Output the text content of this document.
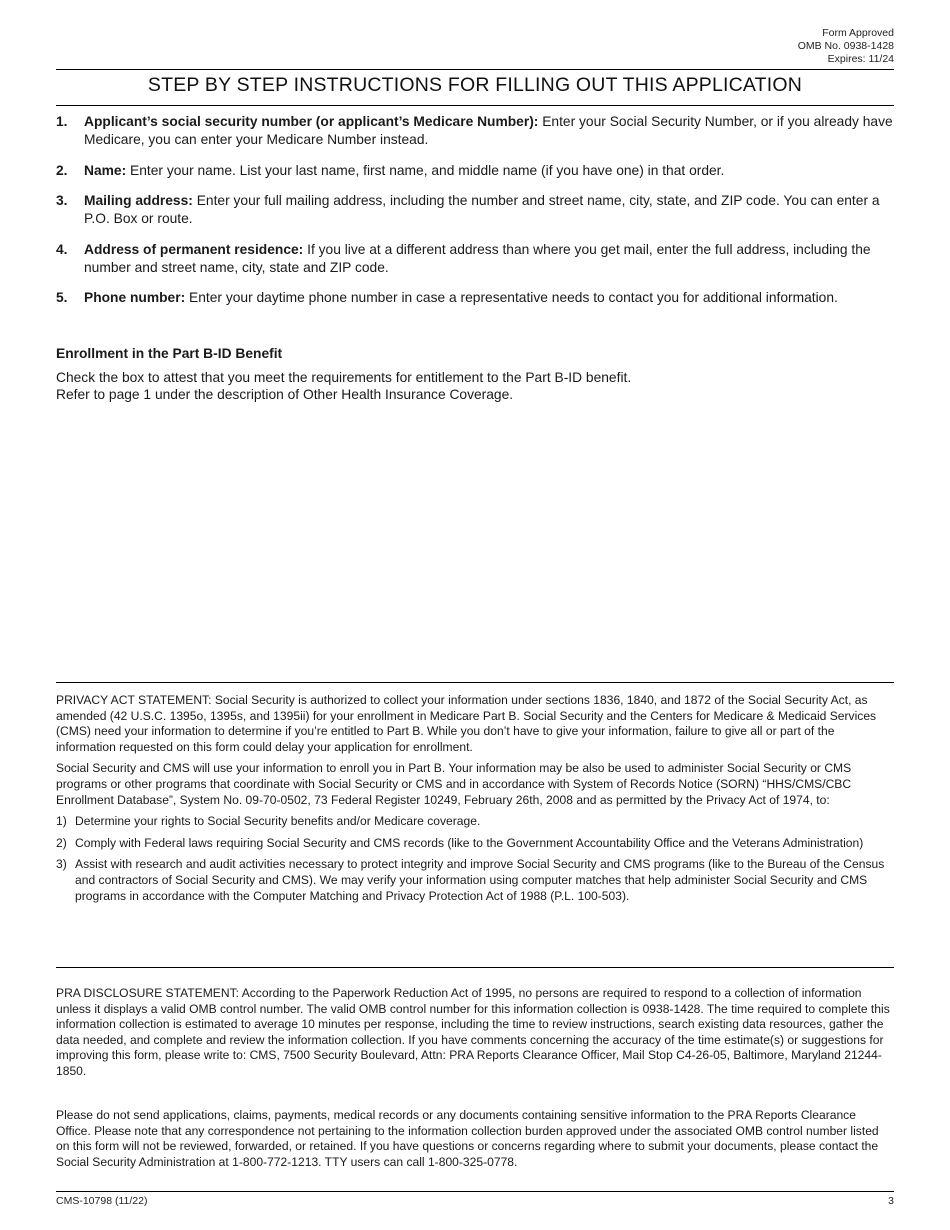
Form Approved
OMB No. 0938-1428
Expires: 11/24
STEP BY STEP INSTRUCTIONS FOR FILLING OUT THIS APPLICATION
1.	Applicant’s social security number (or applicant’s Medicare Number): Enter your Social Security Number, or if you already have Medicare, you can enter your Medicare Number instead.
2.	Name: Enter your name. List your last name, first name, and middle name (if you have one) in that order.
3.	Mailing address: Enter your full mailing address, including the number and street name, city, state, and ZIP code. You can enter a P.O. Box or route.
4.	Address of permanent residence: If you live at a different address than where you get mail, enter the full address, including the number and street name, city, state and ZIP code.
5.	Phone number: Enter your daytime phone number in case a representative needs to contact you for additional information.
Enrollment in the Part B-ID Benefit

Check the box to attest that you meet the requirements for entitlement to the Part B-ID benefit.

Refer to page 1 under the description of Other Health Insurance Coverage.

PRIVACY ACT STATEMENT: Social Security is authorized to collect your information under sections 1836, 1840, and 1872 of the Social Security Act, as amended (42 U.S.C. 1395o, 1395s, and 1395ii) for your enrollment in Medicare Part B. Social Security and the Centers for Medicare & Medicaid Services (CMS) need your information to determine if you’re entitled to Part B. While you don’t have to give your information, failure to give all or part of the information requested on this form could delay your application for enrollment.

Social Security and CMS will use your information to enroll you in Part B. Your information may be also be used to administer Social Security or CMS programs or other programs that coordinate with Social Security or CMS and in accordance with System of Records Notice (SORN) “HHS/CMS/CBC Enrollment Database”, System No. 09-70-0502, 73 Federal Register 10249, February 26th, 2008 and as permitted by the Privacy Act of 1974, to:

1) Determine your rights to Social Security benefits and/or Medicare coverage.
2) Comply with Federal laws requiring Social Security and CMS records (like to the Government Accountability Office and the Veterans Administration)
3) Assist with research and audit activities necessary to protect integrity and improve Social Security and CMS programs (like to the Bureau of the Census and contractors of Social Security and CMS). We may verify your information using computer matches that help administer Social Security and CMS programs in accordance with the Computer Matching and Privacy Protection Act of 1988 (P.L. 100-503).

PRA DISCLOSURE STATEMENT: According to the Paperwork Reduction Act of 1995, no persons are required to respond to a collection of information unless it displays a valid OMB control number. The valid OMB control number for this information collection is 0938-1428. The time required to complete this information collection is estimated to average 10 minutes per response, including the time to review instructions, search existing data resources, gather the data needed, and complete and review the information collection. If you have comments concerning the accuracy of the time estimate(s) or suggestions for improving this form, please write to: CMS, 7500 Security Boulevard, Attn: PRA Reports Clearance Officer, Mail Stop C4-26-05, Baltimore, Maryland 21244-1850.

Please do not send applications, claims, payments, medical records or any documents containing sensitive information to the PRA Reports Clearance Office. Please note that any correspondence not pertaining to the information collection burden approved under the associated OMB control number listed on this form will not be reviewed, forwarded, or retained. If you have questions or concerns regarding where to submit your documents, please contact the Social Security Administration at 1-800-772-1213. TTY users can call 1-800-325-0778.

CMS-10798 (11/22)	3
